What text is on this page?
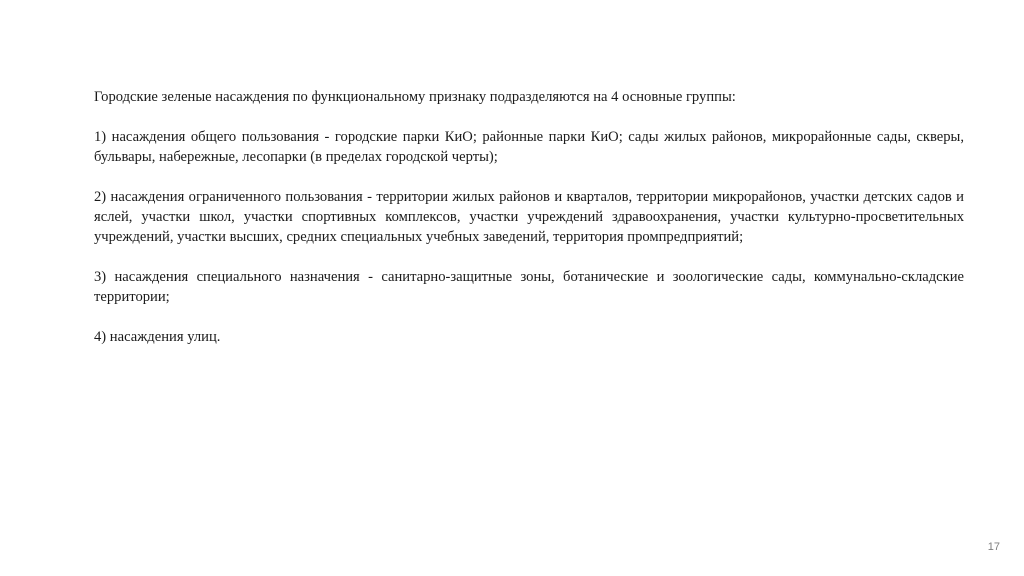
Городские зеленые насаждения по функциональному признаку подразделяются на 4 основные группы:

1) насаждения общего пользования - городские парки КиО; районные парки КиО; сады жилых районов, микрорайонные сады, скверы, бульвары, набережные, лесопарки (в пределах городской черты);

2) насаждения ограниченного пользования - территории жилых районов и кварталов, территории микрорайонов, участки детских садов и яслей, участки школ, участки спортивных комплексов, участки учреждений здравоохранения, участки культурно-просветительных учреждений, участки высших, средних специальных учебных заведений, территория промпредприятий;

3) насаждения специального назначения - санитарно-защитные зоны, ботанические и зоологические сады, коммунально-складские территории;

4) насаждения улиц.

17
